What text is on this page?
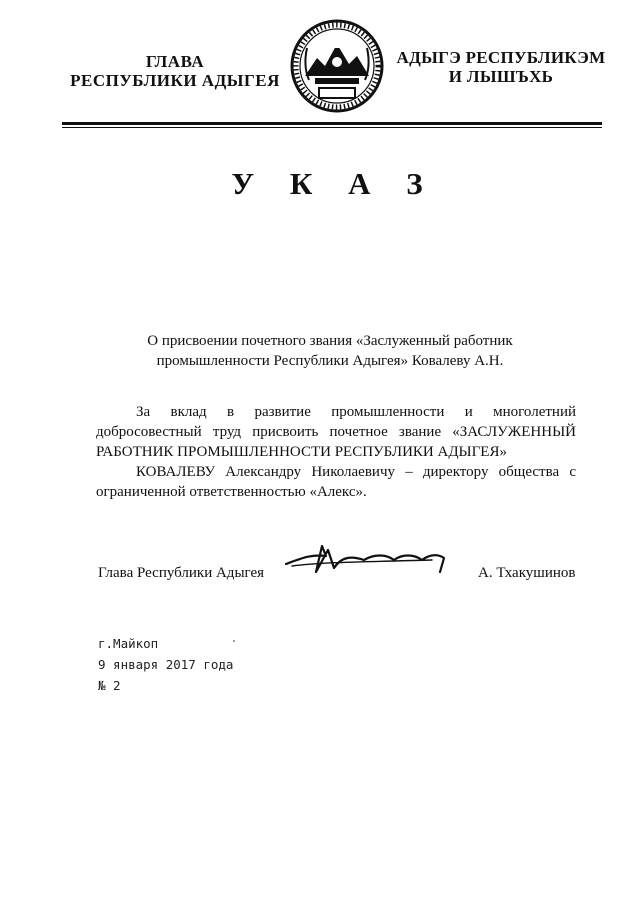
ГЛАВА
РЕСПУБЛИКИ АДЫГЕЯ
АДЫГЭ РЕСПУБЛИКЭМ
И ЛЫШЪХЬ
У К А З
О присвоении почетного звания «Заслуженный работник
промышленности Республики Адыгея» Ковалеву А.Н.

За вклад в развитие промышленности и многолетний добросовестный труд присвоить почетное звание «ЗАСЛУЖЕННЫЙ РАБОТНИК ПРОМЫШЛЕННОСТИ РЕСПУБЛИКИ АДЫГЕЯ»

КОВАЛЕВУ Александру Николаевичу – директору общества с ограниченной ответственностью «Алекс».

Глава Республики Адыгея	А. Тхакушинов
г.Майкоп
9 января 2017 года
№ 2
